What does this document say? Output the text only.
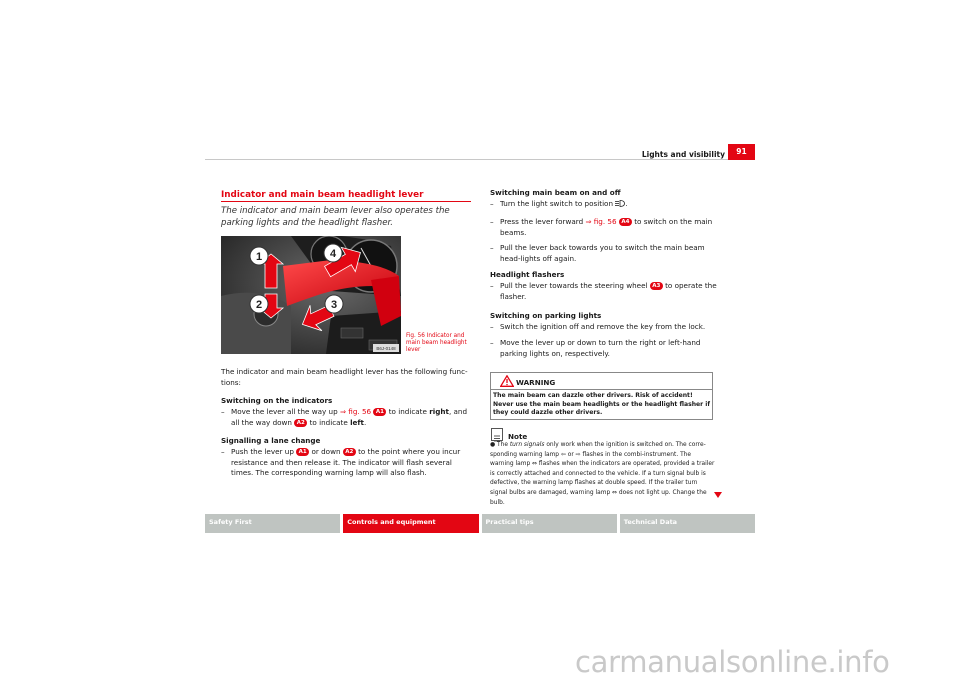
Lights and visibility	91
Indicator and main beam headlight lever
The indicator and main beam lever also operates the parking lights and the headlight flasher.
1
2	3
4
B6J-0148
Fig. 56 Indicator and main beam headlight lever
The indicator and main beam headlight lever has the following func-tions:
Switching on the indicators
– Move the lever all the way up ⇒ fig. 56 A1 to indicate right, and all the way down A2 to indicate left.
Signalling a lane change
– Push the lever up A1 or down A2 to the point where you incur resistance and then release it. The indicator will flash several times. The corresponding warning lamp will also flash.
Switching main beam on and off
– Turn the light switch to position .
– Press the lever forward ⇒ fig. 56 A4 to switch on the main beams.
– Pull the lever back towards you to switch the main beam head-lights off again.
Headlight flashers
– Pull the lever towards the steering wheel A3 to operate the flasher.
Switching on parking lights
– Switch the ignition off and remove the key from the lock.
– Move the lever up or down to turn the right or left-hand parking lights on, respectively.
WARNING
The main beam can dazzle other drivers. Risk of accident! Never use the main beam headlights or the headlight flasher if they could dazzle other drivers.
Note
● The turn signals only work when the ignition is switched on. The corre-sponding warning lamp ⇦ or ⇨ flashes in the combi-instrument. The warning lamp ⇔ flashes when the indicators are operated, provided a trailer is correctly attached and connected to the vehicle. If a turn signal bulb is defective, the warning lamp flashes at double speed. If the trailer turn signal bulbs are damaged, warning lamp ⇔ does not light up. Change the bulb.
Safety First	Controls and equipment	Practical tips	Technical Data
carmanualsonline.info
